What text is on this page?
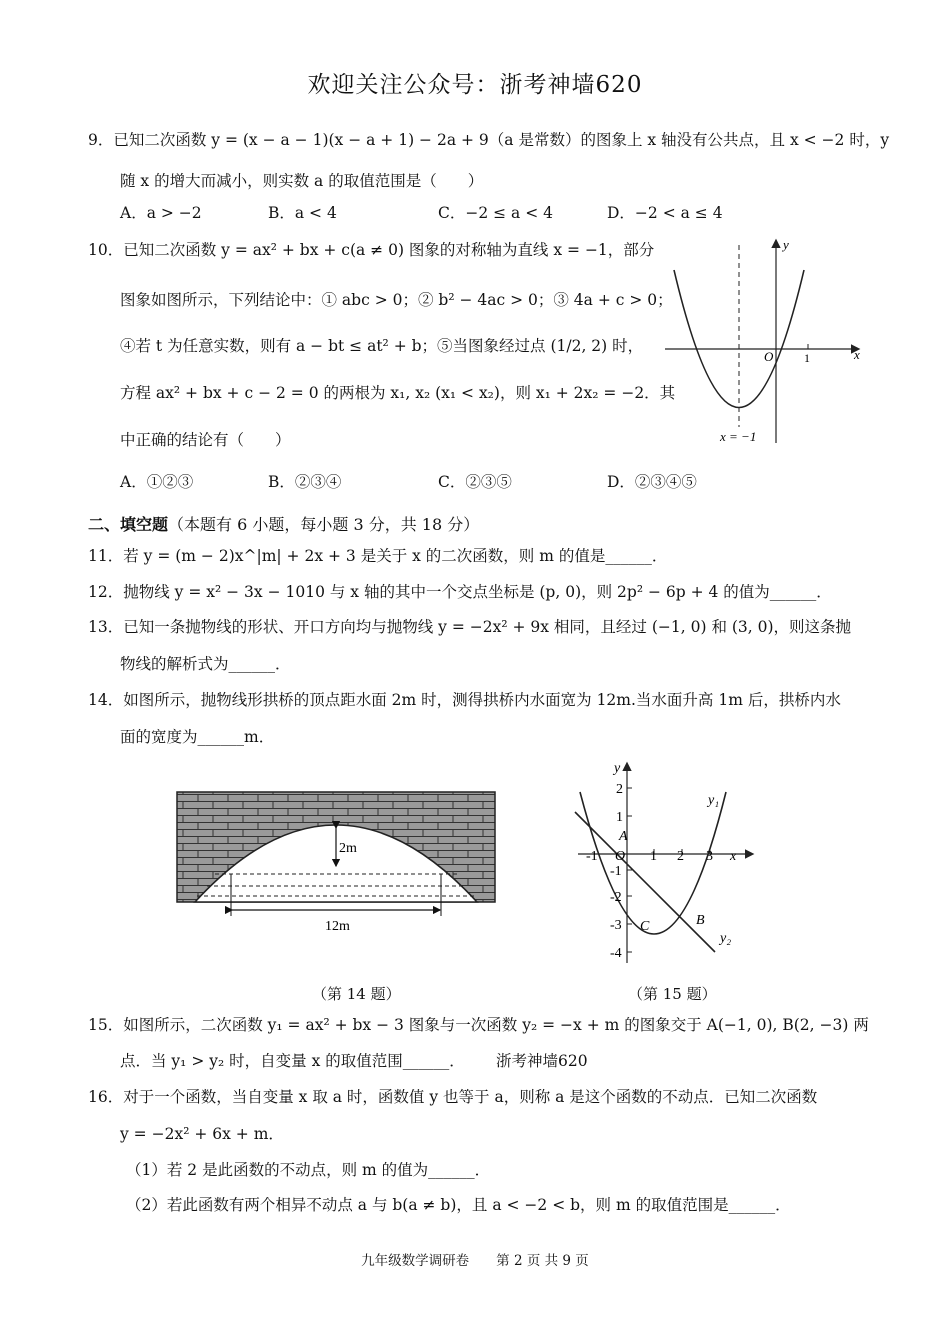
欢迎关注公众号：浙考神墙620
9．已知二次函数 y = (x − a − 1)(x − a + 1) − 2a + 9（a 是常数）的图象上 x 轴没有公共点，且 x < −2 时，y
随 x 的增大而减小，则实数 a 的取值范围是（　　）
A．a > −2	B．a < 4	C．−2 ≤ a < 4	D．−2 < a ≤ 4
10．已知二次函数 y = ax² + bx + c(a ≠ 0) 图象的对称轴为直线 x = −1，部分
图象如图所示，下列结论中：① abc > 0；② b² − 4ac > 0；③ 4a + c > 0；
④若 t 为任意实数，则有 a − bt ≤ at² + b；⑤当图象经过点 (1/2, 2) 时，
方程 ax² + bx + c − 2 = 0 的两根为 x₁, x₂ (x₁ < x₂)，则 x₁ + 2x₂ = −2．其
中正确的结论有（　　）
A．①②③	B．②③④	C．②③⑤	D．②③④⑤
y
x
O	1
x = −1
二、填空题（本题有 6 小题，每小题 3 分，共 18 分）
11．若 y = (m − 2)x^|m| + 2x + 3 是关于 x 的二次函数，则 m 的值是______．
12．抛物线 y = x² − 3x − 1010 与 x 轴的其中一个交点坐标是 (p, 0)，则 2p² − 6p + 4 的值为______．
13．已知一条抛物线的形状、开口方向均与抛物线 y = −2x² + 9x 相同，且经过 (−1, 0) 和 (3, 0)，则这条抛
物线的解析式为______．
14．如图所示，抛物线形拱桥的顶点距水面 2m 时，测得拱桥内水面宽为 12m.当水面升高 1m 后，拱桥内水
面的宽度为______m．
2m
12m
（第 14 题）
y
x
O
2
1
-1
-2
-3
-4
-1	1 2 3
y₁
y₂
A
B
C
（第 15 题）
15．如图所示，二次函数 y₁ = ax² + bx − 3 图象与一次函数 y₂ = −x + m 的图象交于 A(−1, 0), B(2, −3) 两
点．当 y₁ > y₂ 时，自变量 x 的取值范围______． 浙考神墙620
16．对于一个函数，当自变量 x 取 a 时，函数值 y 也等于 a，则称 a 是这个函数的不动点．已知二次函数
y = −2x² + 6x + m．
（1）若 2 是此函数的不动点，则 m 的值为______．
（2）若此函数有两个相异不动点 a 与 b(a ≠ b)，且 a < −2 < b，则 m 的取值范围是______．
九年级数学调研卷　　第 2 页 共 9 页
